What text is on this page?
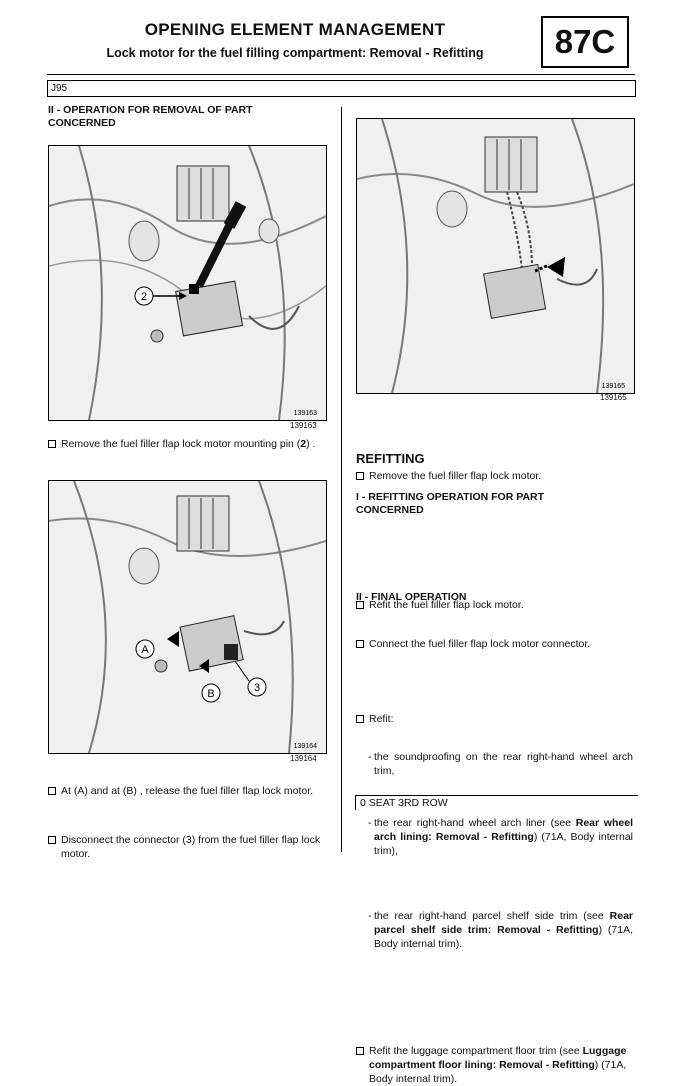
OPENING ELEMENT MANAGEMENT
Lock motor for the fuel filling compartment: Removal - Refitting	87C
J95
II - OPERATION FOR REMOVAL OF PART CONCERNED
2
139163
139163
Remove the fuel filler flap lock motor mounting pin (2) .
A
B	3
139164
139164
At (A) and at (B) , release the fuel filler flap lock motor.
Disconnect the connector (3) from the fuel filler flap lock motor.
139165
139165
Remove the fuel filler flap lock motor.
REFITTING
I - REFITTING OPERATION FOR PART CONCERNED
Refit the fuel filler flap lock motor.
Connect the fuel filler flap lock motor connector.
II - FINAL OPERATION
Refit:
- the soundproofing on the rear right-hand wheel arch trim,
- the rear right-hand wheel arch liner (see Rear wheel arch lining: Removal - Refitting) (71A, Body internal trim),
- the rear right-hand parcel shelf side trim (see Rear parcel shelf side trim: Removal - Refitting) (71A, Body internal trim).
0 SEAT 3RD ROW
Refit the luggage compartment floor trim (see Luggage compartment floor lining: Removal - Refitting) (71A, Body internal trim).
